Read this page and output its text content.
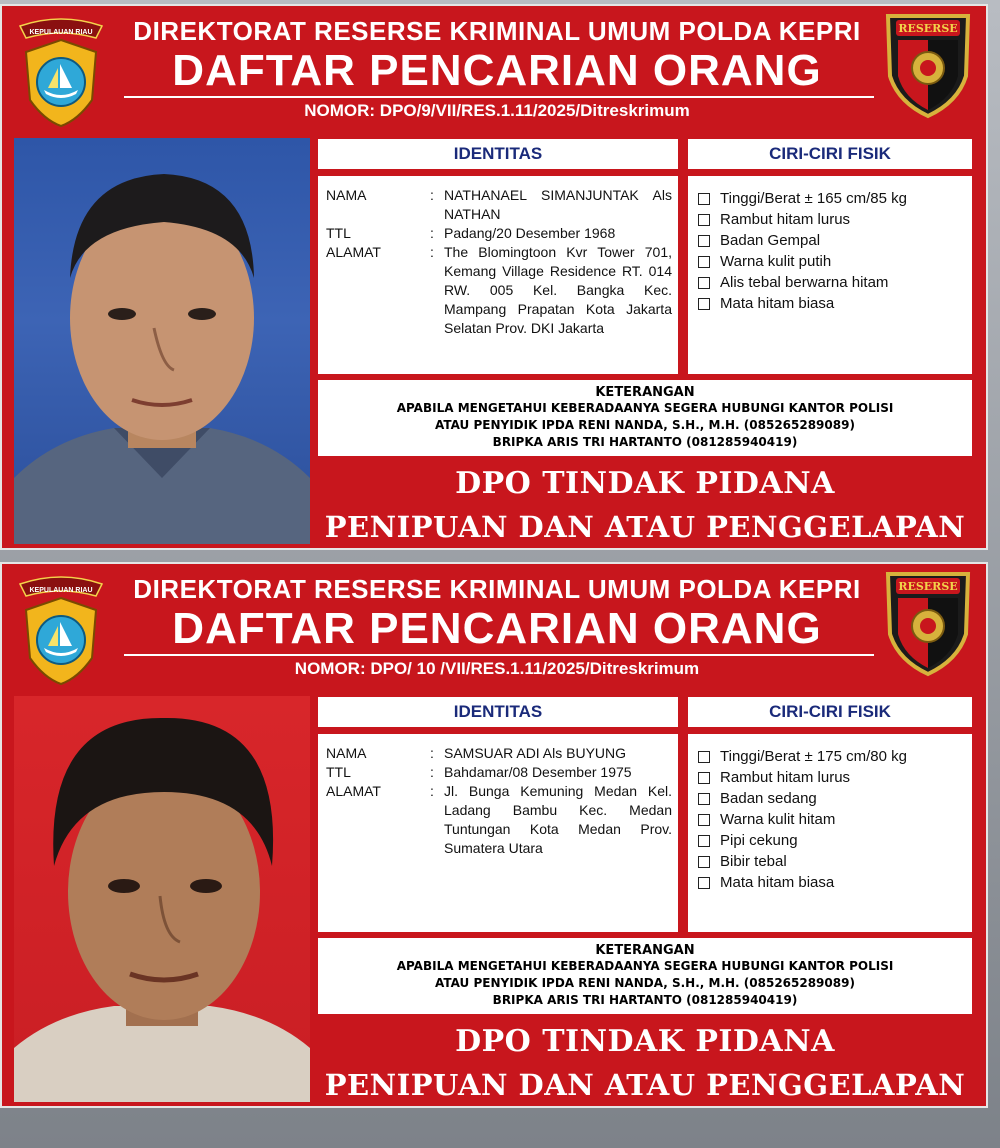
KEPULAUAN RIAU	DIREKTORAT RESERSE KRIMINAL UMUM POLDA KEPRI
DAFTAR PENCARIAN ORANG
NOMOR: DPO/9/VII/RES.1.11/2025/Ditreskrimum
RESERSE
IDENTITAS	CIRI-CIRI FISIK
NAMA	: NATHANAEL SIMANJUNTAK Als NATHAN
TTL	: Padang/20 Desember 1968
ALAMAT	: The Blomingtoon Kvr Tower 701, Kemang Village Residence RT. 014 RW. 005 Kel. Bangka Kec. Mampang Prapatan Kota Jakarta Selatan Prov. DKI Jakarta
Tinggi/Berat ± 165 cm/85 kg
Rambut hitam lurus
Badan Gempal
Warna kulit putih
Alis tebal berwarna hitam
Mata hitam biasa
KETERANGAN
APABILA MENGETAHUI KEBERADAANYA SEGERA HUBUNGI KANTOR POLISI
ATAU PENYIDIK IPDA RENI NANDA, S.H., M.H. (085265289089)
BRIPKA ARIS TRI HARTANTO (081285940419)
DPO TINDAK PIDANA
PENIPUAN DAN ATAU PENGGELAPAN
KEPULAUAN RIAU	DIREKTORAT RESERSE KRIMINAL UMUM POLDA KEPRI
DAFTAR PENCARIAN ORANG
NOMOR: DPO/ 10 /VII/RES.1.11/2025/Ditreskrimum
RESERSE
IDENTITAS	CIRI-CIRI FISIK
NAMA	: SAMSUAR ADI Als BUYUNG
TTL	: Bahdamar/08 Desember 1975
ALAMAT	: Jl. Bunga Kemuning Medan Kel. Ladang Bambu Kec. Medan Tuntungan Kota Medan Prov. Sumatera Utara
Tinggi/Berat ± 175 cm/80 kg
Rambut hitam lurus
Badan sedang
Warna kulit hitam
Pipi cekung
Bibir tebal
Mata hitam biasa
KETERANGAN
APABILA MENGETAHUI KEBERADAANYA SEGERA HUBUNGI KANTOR POLISI
ATAU PENYIDIK IPDA RENI NANDA, S.H., M.H. (085265289089)
BRIPKA ARIS TRI HARTANTO (081285940419)
DPO TINDAK PIDANA
PENIPUAN DAN ATAU PENGGELAPAN
